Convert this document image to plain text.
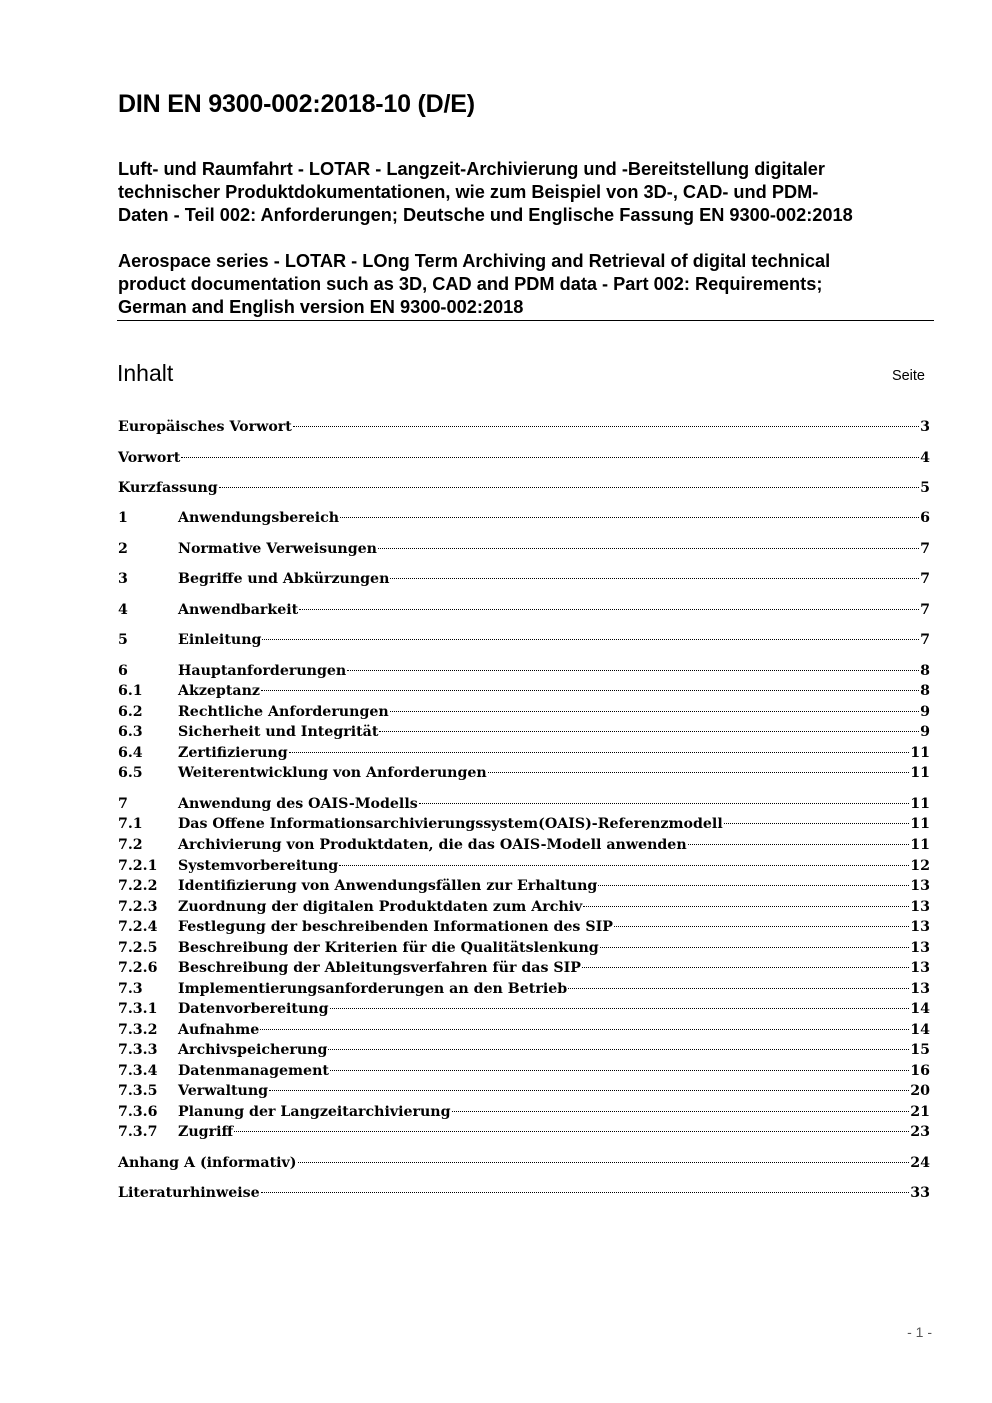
DIN EN 9300-002:2018-10 (D/E)
Luft- und Raumfahrt - LOTAR - Langzeit-Archivierung und -Bereitstellung digitaler
technischer Produktdokumentationen, wie zum Beispiel von 3D-, CAD- und PDM-
Daten - Teil 002: Anforderungen; Deutsche und Englische Fassung EN 9300-002:2018
Aerospace series - LOTAR - LOng Term Archiving and Retrieval of digital technical
product documentation such as 3D, CAD and PDM data - Part 002: Requirements;
German and English version EN 9300-002:2018
Inhalt	Seite
Europäisches Vorwort	3
Vorwort	4
Kurzfassung	5
1	Anwendungsbereich	6
2	Normative Verweisungen	7
3	Begriffe und Abkürzungen	7
4	Anwendbarkeit	7
5	Einleitung	7
6	Hauptanforderungen	8
6.1	Akzeptanz	8
6.2	Rechtliche Anforderungen	9
6.3	Sicherheit und Integrität	9
6.4	Zertifizierung	11
6.5	Weiterentwicklung von Anforderungen	11
7	Anwendung des OAIS-Modells	11
7.1	Das Offene Informationsarchivierungssystem(OAIS)-Referenzmodell	11
7.2	Archivierung von Produktdaten, die das OAIS-Modell anwenden	11
7.2.1	Systemvorbereitung	12
7.2.2	Identifizierung von Anwendungsfällen zur Erhaltung	13
7.2.3	Zuordnung der digitalen Produktdaten zum Archiv	13
7.2.4	Festlegung der beschreibenden Informationen des SIP	13
7.2.5	Beschreibung der Kriterien für die Qualitätslenkung	13
7.2.6	Beschreibung der Ableitungsverfahren für das SIP	13
7.3	Implementierungsanforderungen an den Betrieb	13
7.3.1	Datenvorbereitung	14
7.3.2	Aufnahme	14
7.3.3	Archivspeicherung	15
7.3.4	Datenmanagement	16
7.3.5	Verwaltung	20
7.3.6	Planung der Langzeitarchivierung	21
7.3.7	Zugriff	23
Anhang A (informativ)	24
Literaturhinweise	33
- 1 -
